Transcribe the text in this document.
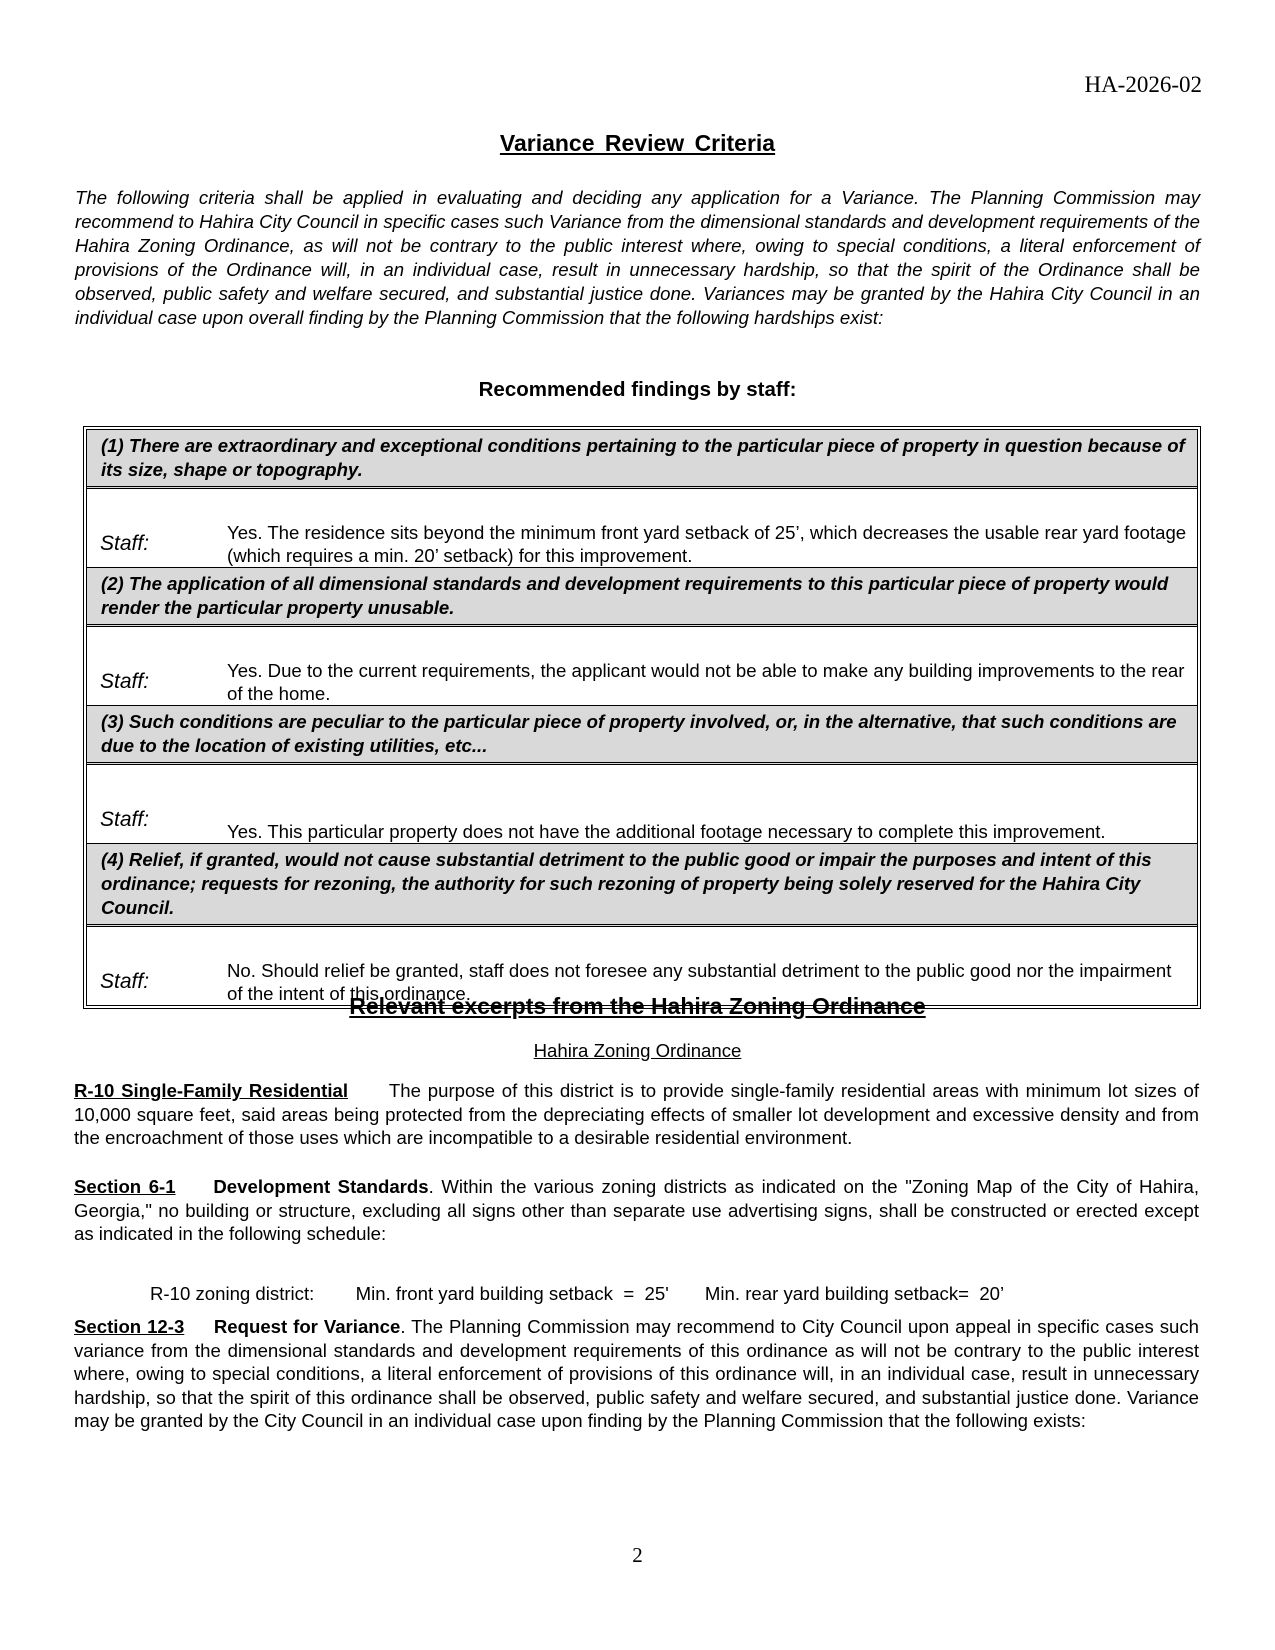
HA-2026-02
Variance Review Criteria
The following criteria shall be applied in evaluating and deciding any application for a Variance. The Planning Commission may recommend to Hahira City Council in specific cases such Variance from the dimensional standards and development requirements of the Hahira Zoning Ordinance, as will not be contrary to the public interest where, owing to special conditions, a literal enforcement of provisions of the Ordinance will, in an individual case, result in unnecessary hardship, so that the spirit of the Ordinance shall be observed, public safety and welfare secured, and substantial justice done. Variances may be granted by the Hahira City Council in an individual case upon overall finding by the Planning Commission that the following hardships exist:
Recommended findings by staff:
(1) There are extraordinary and exceptional conditions pertaining to the particular piece of property in question because of its size, shape or topography.	
Staff:	Yes. The residence sits beyond the minimum front yard setback of 25’, which decreases the usable rear yard footage (which requires a min. 20’ setback) for this improvement.
(2) The application of all dimensional standards and development requirements to this particular piece of property would render the particular property unusable.	
Staff:	Yes. Due to the current requirements, the applicant would not be able to make any building improvements to the rear of the home.
(3) Such conditions are peculiar to the particular piece of property involved, or, in the alternative, that such conditions are due to the location of existing utilities, etc...	
Staff:	Yes. This particular property does not have the additional footage necessary to complete this improvement.
(4) Relief, if granted, would not cause substantial detriment to the public good or impair the purposes and intent of this ordinance; requests for rezoning, the authority for such rezoning of property being solely reserved for the Hahira City Council.	
Staff:	No. Should relief be granted, staff does not foresee any substantial detriment to the public good nor the impairment of the intent of this ordinance.
Relevant excerpts from the Hahira Zoning Ordinance
Hahira Zoning Ordinance
R-10 Single-Family Residential The purpose of this district is to provide single-family residential areas with minimum lot sizes of 10,000 square feet, said areas being protected from the depreciating effects of smaller lot development and excessive density and from the encroachment of those uses which are incompatible to a desirable residential environment.
Section 6-1 Development Standards. Within the various zoning districts as indicated on the "Zoning Map of the City of Hahira, Georgia," no building or structure, excluding all signs other than separate use advertising signs, shall be constructed or erected except as indicated in the following schedule:
R-10 zoning district: Min. front yard building setback  =  25' Min. rear yard building setback=  20’
Section 12-3 Request for Variance. The Planning Commission may recommend to City Council upon appeal in specific cases such variance from the dimensional standards and development requirements of this ordinance as will not be contrary to the public interest where, owing to special conditions, a literal enforcement of provisions of this ordinance will, in an individual case, result in unnecessary hardship, so that the spirit of this ordinance shall be observed, public safety and welfare secured, and substantial justice done. Variance may be granted by the City Council in an individual case upon finding by the Planning Commission that the following exists:
2
